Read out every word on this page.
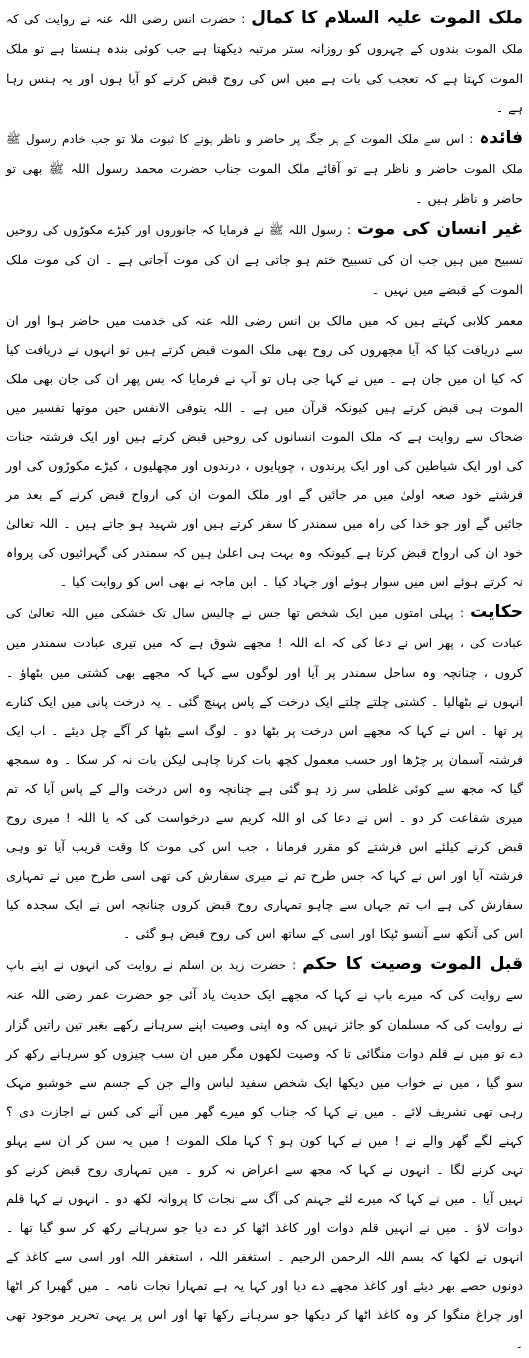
ملک الموت علیہ السلام کا کمال: حضرت انس رضی اللہ عنہ نے روایت کی کہ ملک الموت بندوں کے چہروں کو روزانہ ستر مرتبہ دیکھتا ہے جب کوئی بندہ ہنستا ہے تو ملک الموت کہتا ہے کہ تعجب کی بات ہے میں اس کی روح قبض کرنے کو آیا ہوں اور یہ ہنس رہا ہے ۔

فائدہ: اس سے ملک الموت کے ہر جگہ پر حاضر و ناظر ہونے کا ثبوت ملا تو جب خادم رسول ﷺ ملک الموت حاضر و ناظر ہے تو آقائے ملک الموت جناب حضرت محمد رسول اللہ ﷺ بھی تو حاضر و ناظر ہیں ۔

غیر انسان کی موت: رسول اللہ ﷺ نے فرمایا کہ جانوروں اور کیڑے مکوڑوں کی روحیں تسبیح میں ہیں جب ان کی تسبیح ختم ہو جاتی ہے ان کی موت آجاتی ہے ۔ ان کی موت ملک الموت کے قبضے میں نہیں ۔

معمر کلابی کہتے ہیں کہ میں مالک بن انس رضی اللہ عنہ کی خدمت میں حاضر ہوا اور ان سے دریافت کیا کہ آیا مچھروں کی روح بھی ملک الموت قبض کرتے ہیں تو انہوں نے دریافت کیا کہ کیا ان میں جان ہے ۔ میں نے کہا جی ہاں تو آپ نے فرمایا کہ بس پھر ان کی جان بھی ملک الموت ہی قبض کرتے ہیں کیونکہ قرآن میں ہے ۔ اللہ یتوفی الانفس حین موتھا تفسیر میں ضحاک سے روایت ہے کہ ملک الموت انسانوں کی روحیں قبض کرتے ہیں اور ایک فرشتہ جنات کی اور ایک شیاطین کی اور ایک پرندوں ، چوپایوں ، درندوں اور مچھلیوں ، کیڑے مکوڑوں کی اور فرشتے خود صعہ اولیٰ میں مر جائیں گے اور ملک الموت ان کی ارواح قبض کرنے کے بعد مر جائیں گے اور جو خدا کی راہ میں سمندر کا سفر کرتے ہیں اور شہید ہو جاتے ہیں ۔ اللہ تعالیٰ خود ان کی ارواح قبض کرتا ہے کیونکہ وہ بہت ہی اعلیٰ ہیں کہ سمندر کی گہرائیوں کی پرواہ نہ کرتے ہوئے اس میں سوار ہوئے اور جہاد کیا ۔ ابن ماجہ نے بھی اس کو روایت کیا ۔

حکایت: پہلی امتوں میں ایک شخص تھا جس نے چالیس سال تک خشکی میں اللہ تعالیٰ کی عبادت کی ، پھر اس نے دعا کی کہ اے اللہ ! مجھے شوق ہے کہ میں تیری عبادت سمندر میں کروں ، چنانچہ وہ ساحل سمندر پر آیا اور لوگوں سے کہا کہ مجھے بھی کشتی میں بٹھاؤ ۔ انہوں نے بٹھالیا ۔ کشتی چلتے چلتے ایک درخت کے پاس پہنچ گئی ۔ یہ درخت پانی میں ایک کنارے پر تھا ۔ اس نے کہا کہ مجھے اس درخت پر بٹھا دو ۔ لوگ اسے بٹھا کر آگے چل دیئے ۔ اب ایک فرشتہ آسمان پر چڑھا اور حسب معمول کچھ بات کرنا چاہی لیکن بات نہ کر سکا ۔ وہ سمجھ گیا کہ مجھ سے کوئی غلطی سر زد ہو گئی ہے چنانچہ وہ اس درخت والے کے پاس آیا کہ تم میری شفاعت کر دو ۔ اس نے دعا کی او اللہ کریم سے درخواست کی کہ یا اللہ ! میری روح قبض کرنے کیلئے اس فرشتے کو مقرر فرمانا ، جب اس کی موت کا وقت قریب آیا تو وہی فرشتہ آیا اور اس نے کہا کہ جس طرح تم نے میری سفارش کی تھی اسی طرح میں نے تمہاری سفارش کی ہے اب تم جہاں سے چاہو تمہاری روح قبض کروں چنانچہ اس نے ایک سجدہ کیا اس کی آنکھ سے آنسو ٹپکا اور اسی کے ساتھ اس کی روح قبض ہو گئی ۔

قبل الموت وصیت کا حکم: حضرت زید بن اسلم نے روایت کی انہوں نے اپنے باپ سے روایت کی کہ میرے باپ نے کہا کہ مجھے ایک حدیث یاد آئی جو حضرت عمر رضی اللہ عنہ نے روایت کی کہ مسلمان کو جائز نہیں کہ وہ اپنی وصیت اپنے سرہانے رکھے بغیر تین راتیں گزار دے تو میں نے قلم دوات منگائی تا کہ وصیت لکھوں مگر میں ان سب چیزوں کو سرہانے رکھ کر سو گیا ، میں نے خواب میں دیکھا ایک شخص سفید لباس والے جن کے جسم سے خوشبو مہک رہی تھی تشریف لائے ۔ میں نے کہا کہ جناب کو میرے گھر میں آنے کی کس نے اجازت دی ؟ کہنے لگے گھر والے نے ! میں نے کہا کون ہو ؟ کہا ملک الموت ! میں یہ سن کر ان سے پہلو تہی کرنے لگا ۔ انہوں نے کہا کہ مجھ سے اعراض نہ کرو ۔ میں تمہاری روح قبض کرنے کو نہیں آیا ۔ میں نے کہا کہ میرے لئے جہنم کی آگ سے نجات کا پروانہ لکھ دو ۔ انہوں نے کہا قلم دوات لاؤ ۔ میں نے انہیں قلم دوات اور کاغذ اٹھا کر دے دیا جو سرہانے رکھ کر سو گیا تھا ۔ انہوں نے لکھا کہ بسم اللہ الرحمن الرحیم ۔ استغفر اللہ ، استغفر اللہ اور اسی سے کاغذ کے دونوں حصے بھر دیئے اور کاغذ مجھے دے دیا اور کہا یہ ہے تمہارا نجات نامہ ۔ میں گھبرا کر اٹھا اور چراغ منگوا کر وہ کاغذ اٹھا کر دیکھا جو سرہانے رکھا تھا اور اس پر یہی تحریر موجود تھی ۔
